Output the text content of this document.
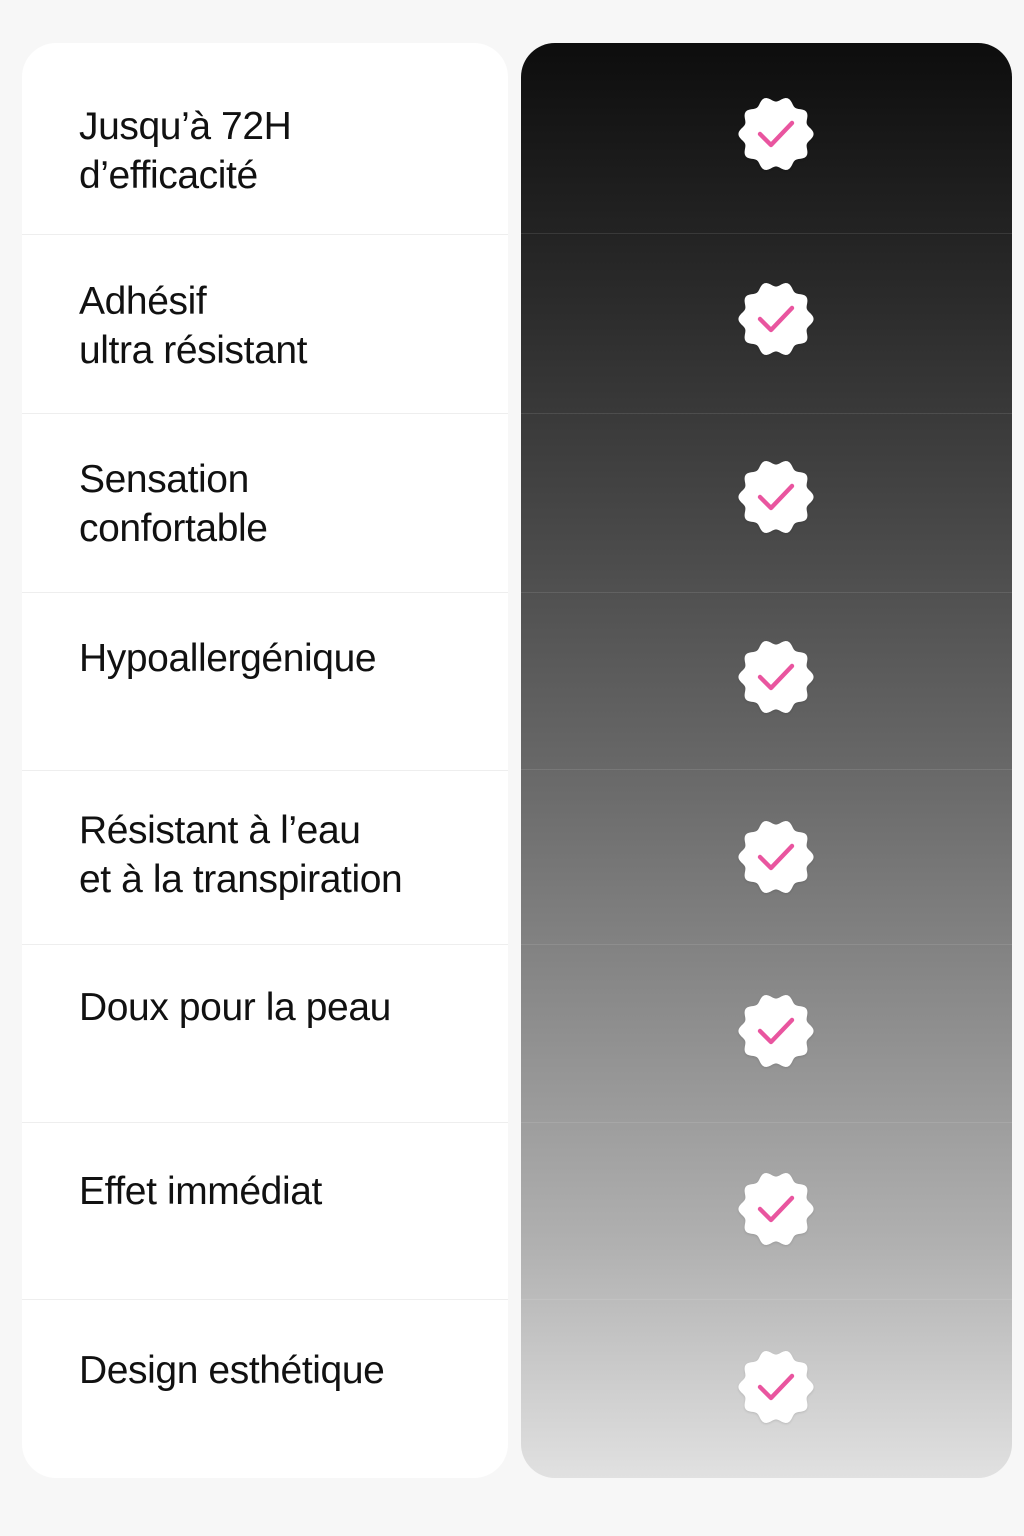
Jusqu’à 72H
d’efficacité
Adhésif
ultra résistant
Sensation
confortable
Hypoallergénique
Résistant à l’eau
et à la transpiration
Doux pour la peau
Effet immédiat
Design esthétique
